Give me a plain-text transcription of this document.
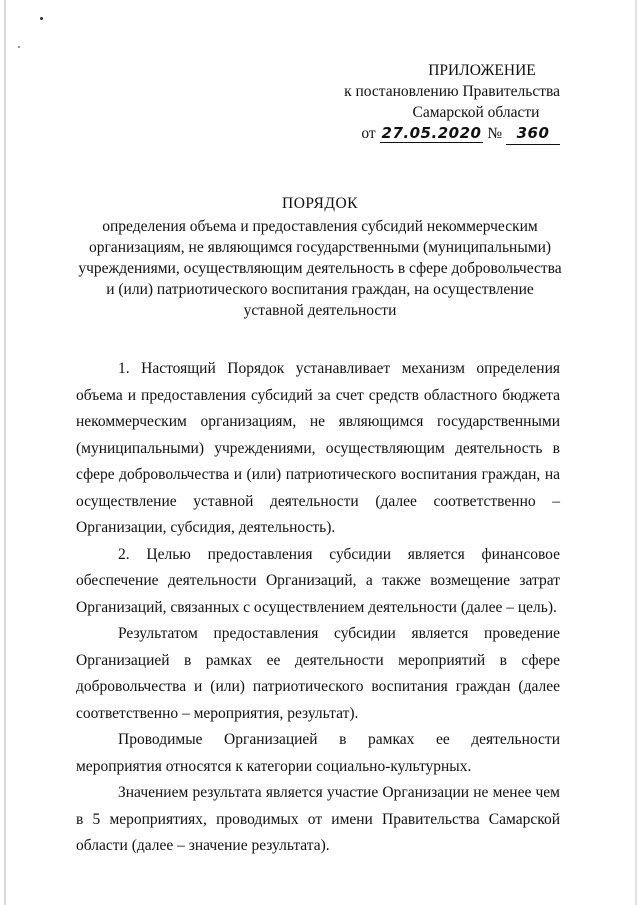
ПРИЛОЖЕНИЕ
к постановлению Правительства
Самарской области
от 27.05.2020 № 360
ПОРЯДОК
определения объема и предоставления субсидий некоммерческим
организациям, не являющимся государственными (муниципальными)
учреждениями, осуществляющим деятельность в сфере добровольчества
и (или) патриотического воспитания граждан, на осуществление
уставной деятельности

1. Настоящий Порядок устанавливает механизм определения объема и предоставления субсидий за счет средств областного бюджета некоммерческим организациям, не являющимся государственными (муниципальными) учреждениями, осуществляющим деятельность в сфере добровольчества и (или) патриотического воспитания граждан, на осуществление уставной деятельности (далее соответственно – Организации, субсидия, деятельность).

2. Целью предоставления субсидии является финансовое обеспечение деятельности Организаций, а также возмещение затрат Организаций, связанных с осуществлением деятельности (далее – цель).

Результатом предоставления субсидии является проведение Организацией в рамках ее деятельности мероприятий в сфере добровольчества и (или) патриотического воспитания граждан (далее соответственно – мероприятия, результат).

Проводимые Организацией в рамках ее деятельности мероприятия относятся к категории социально-культурных.

Значением результата является участие Организации не менее чем в 5 мероприятиях, проводимых от имени Правительства Самарской области (далее – значение результата).
